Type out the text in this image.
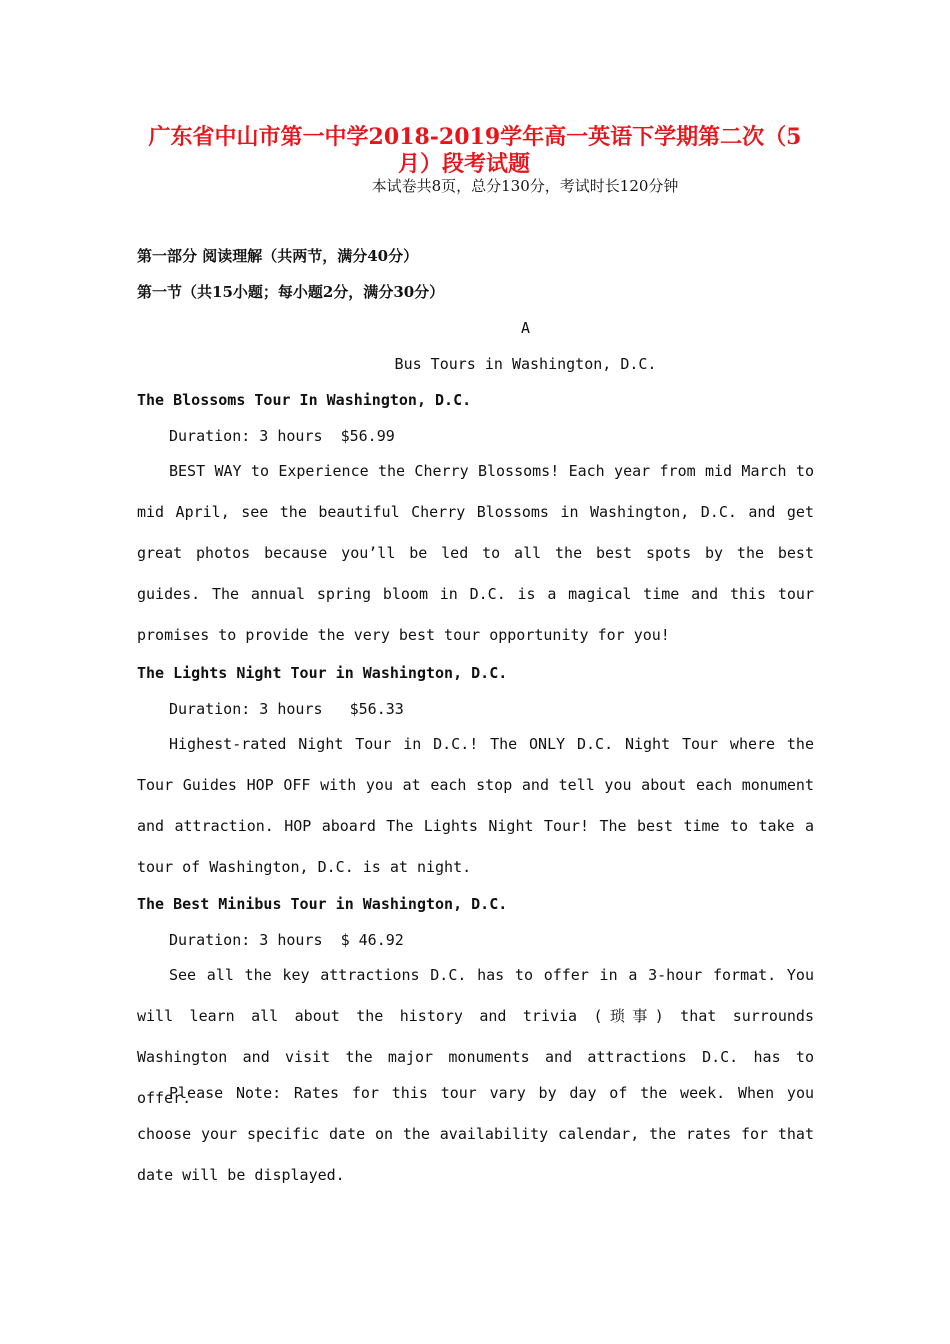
广东省中山市第一中学2018-2019学年高一英语下学期第二次（5
月）段考试题
本试卷共8页，总分130分，考试时长120分钟
第一部分 阅读理解（共两节，满分40分）
第一节（共15小题；每小题2分，满分30分）
A
Bus Tours in Washington, D.C.
The Blossoms Tour In Washington, D.C.
Duration: 3 hours  $56.99

BEST WAY to Experience the Cherry Blossoms! Each year from mid March to mid April, see the beautiful Cherry Blossoms in Washington, D.C. and get great photos because you’ll be led to all the best spots by the best guides. The annual spring bloom in D.C. is a magical time and this tour promises to provide the very best tour opportunity for you!

The Lights Night Tour in Washington, D.C.
Duration: 3 hours   $56.33

Highest-rated Night Tour in D.C.! The ONLY D.C. Night Tour where the Tour Guides HOP OFF with you at each stop and tell you about each monument and attraction. HOP aboard The Lights Night Tour! The best time to take a tour of Washington, D.C. is at night.

The Best Minibus Tour in Washington, D.C.
Duration: 3 hours  $ 46.92

See all the key attractions D.C. has to offer in a 3-hour format. You will learn all about the history and trivia (琐事) that surrounds Washington and visit the major monuments and attractions D.C. has to offer.

Please Note: Rates for this tour vary by day of the week. When you choose your specific date on the availability calendar, the rates for that date will be displayed.
